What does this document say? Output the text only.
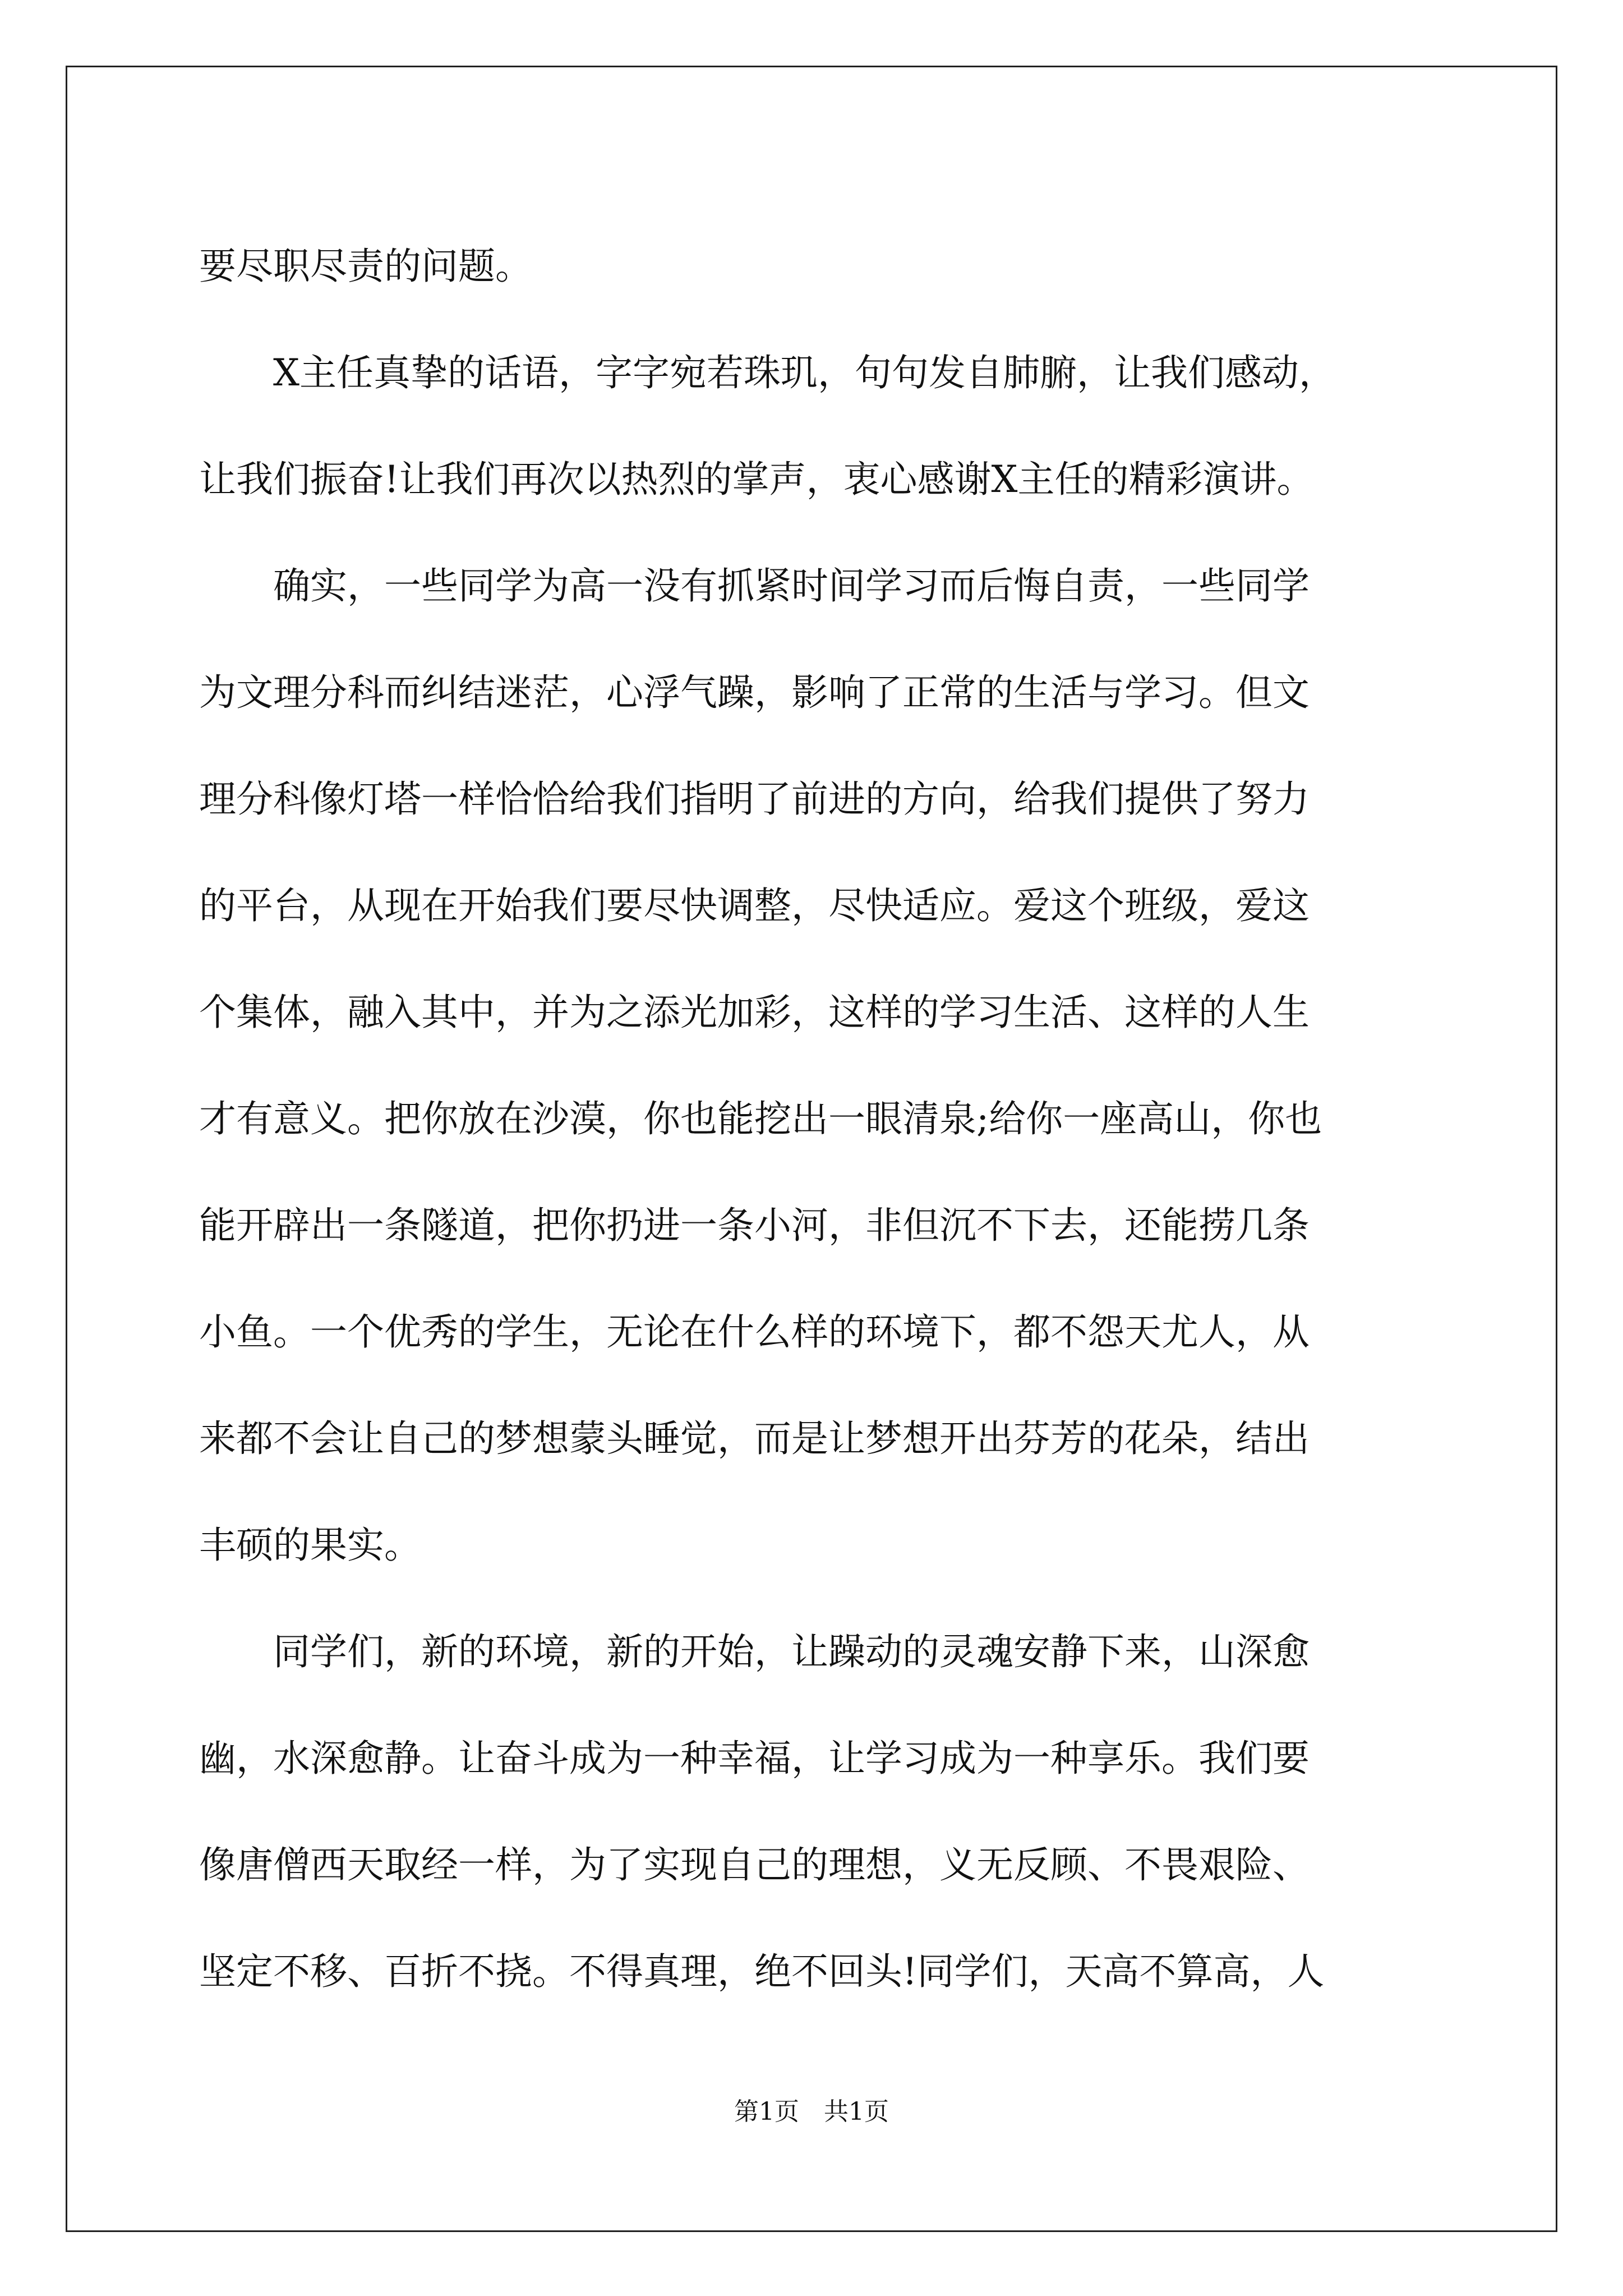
要尽职尽责的问题。
　　X主任真挚的话语，字字宛若珠玑，句句发自肺腑，让我们感动，
让我们振奋!让我们再次以热烈的掌声，衷心感谢X主任的精彩演讲。
　　确实，一些同学为高一没有抓紧时间学习而后悔自责，一些同学
为文理分科而纠结迷茫，心浮气躁，影响了正常的生活与学习。但文
理分科像灯塔一样恰恰给我们指明了前进的方向，给我们提供了努力
的平台，从现在开始我们要尽快调整，尽快适应。爱这个班级，爱这
个集体，融入其中，并为之添光加彩，这样的学习生活、这样的人生
才有意义。把你放在沙漠，你也能挖出一眼清泉;给你一座高山，你也
能开辟出一条隧道，把你扔进一条小河，非但沉不下去，还能捞几条
小鱼。一个优秀的学生，无论在什么样的环境下，都不怨天尤人，从
来都不会让自己的梦想蒙头睡觉，而是让梦想开出芬芳的花朵，结出
丰硕的果实。
　　同学们，新的环境，新的开始，让躁动的灵魂安静下来，山深愈
幽，水深愈静。让奋斗成为一种幸福，让学习成为一种享乐。我们要
像唐僧西天取经一样，为了实现自己的理想，义无反顾、不畏艰险、
坚定不移、百折不挠。不得真理，绝不回头!同学们，天高不算高，人
第1页　共1页
